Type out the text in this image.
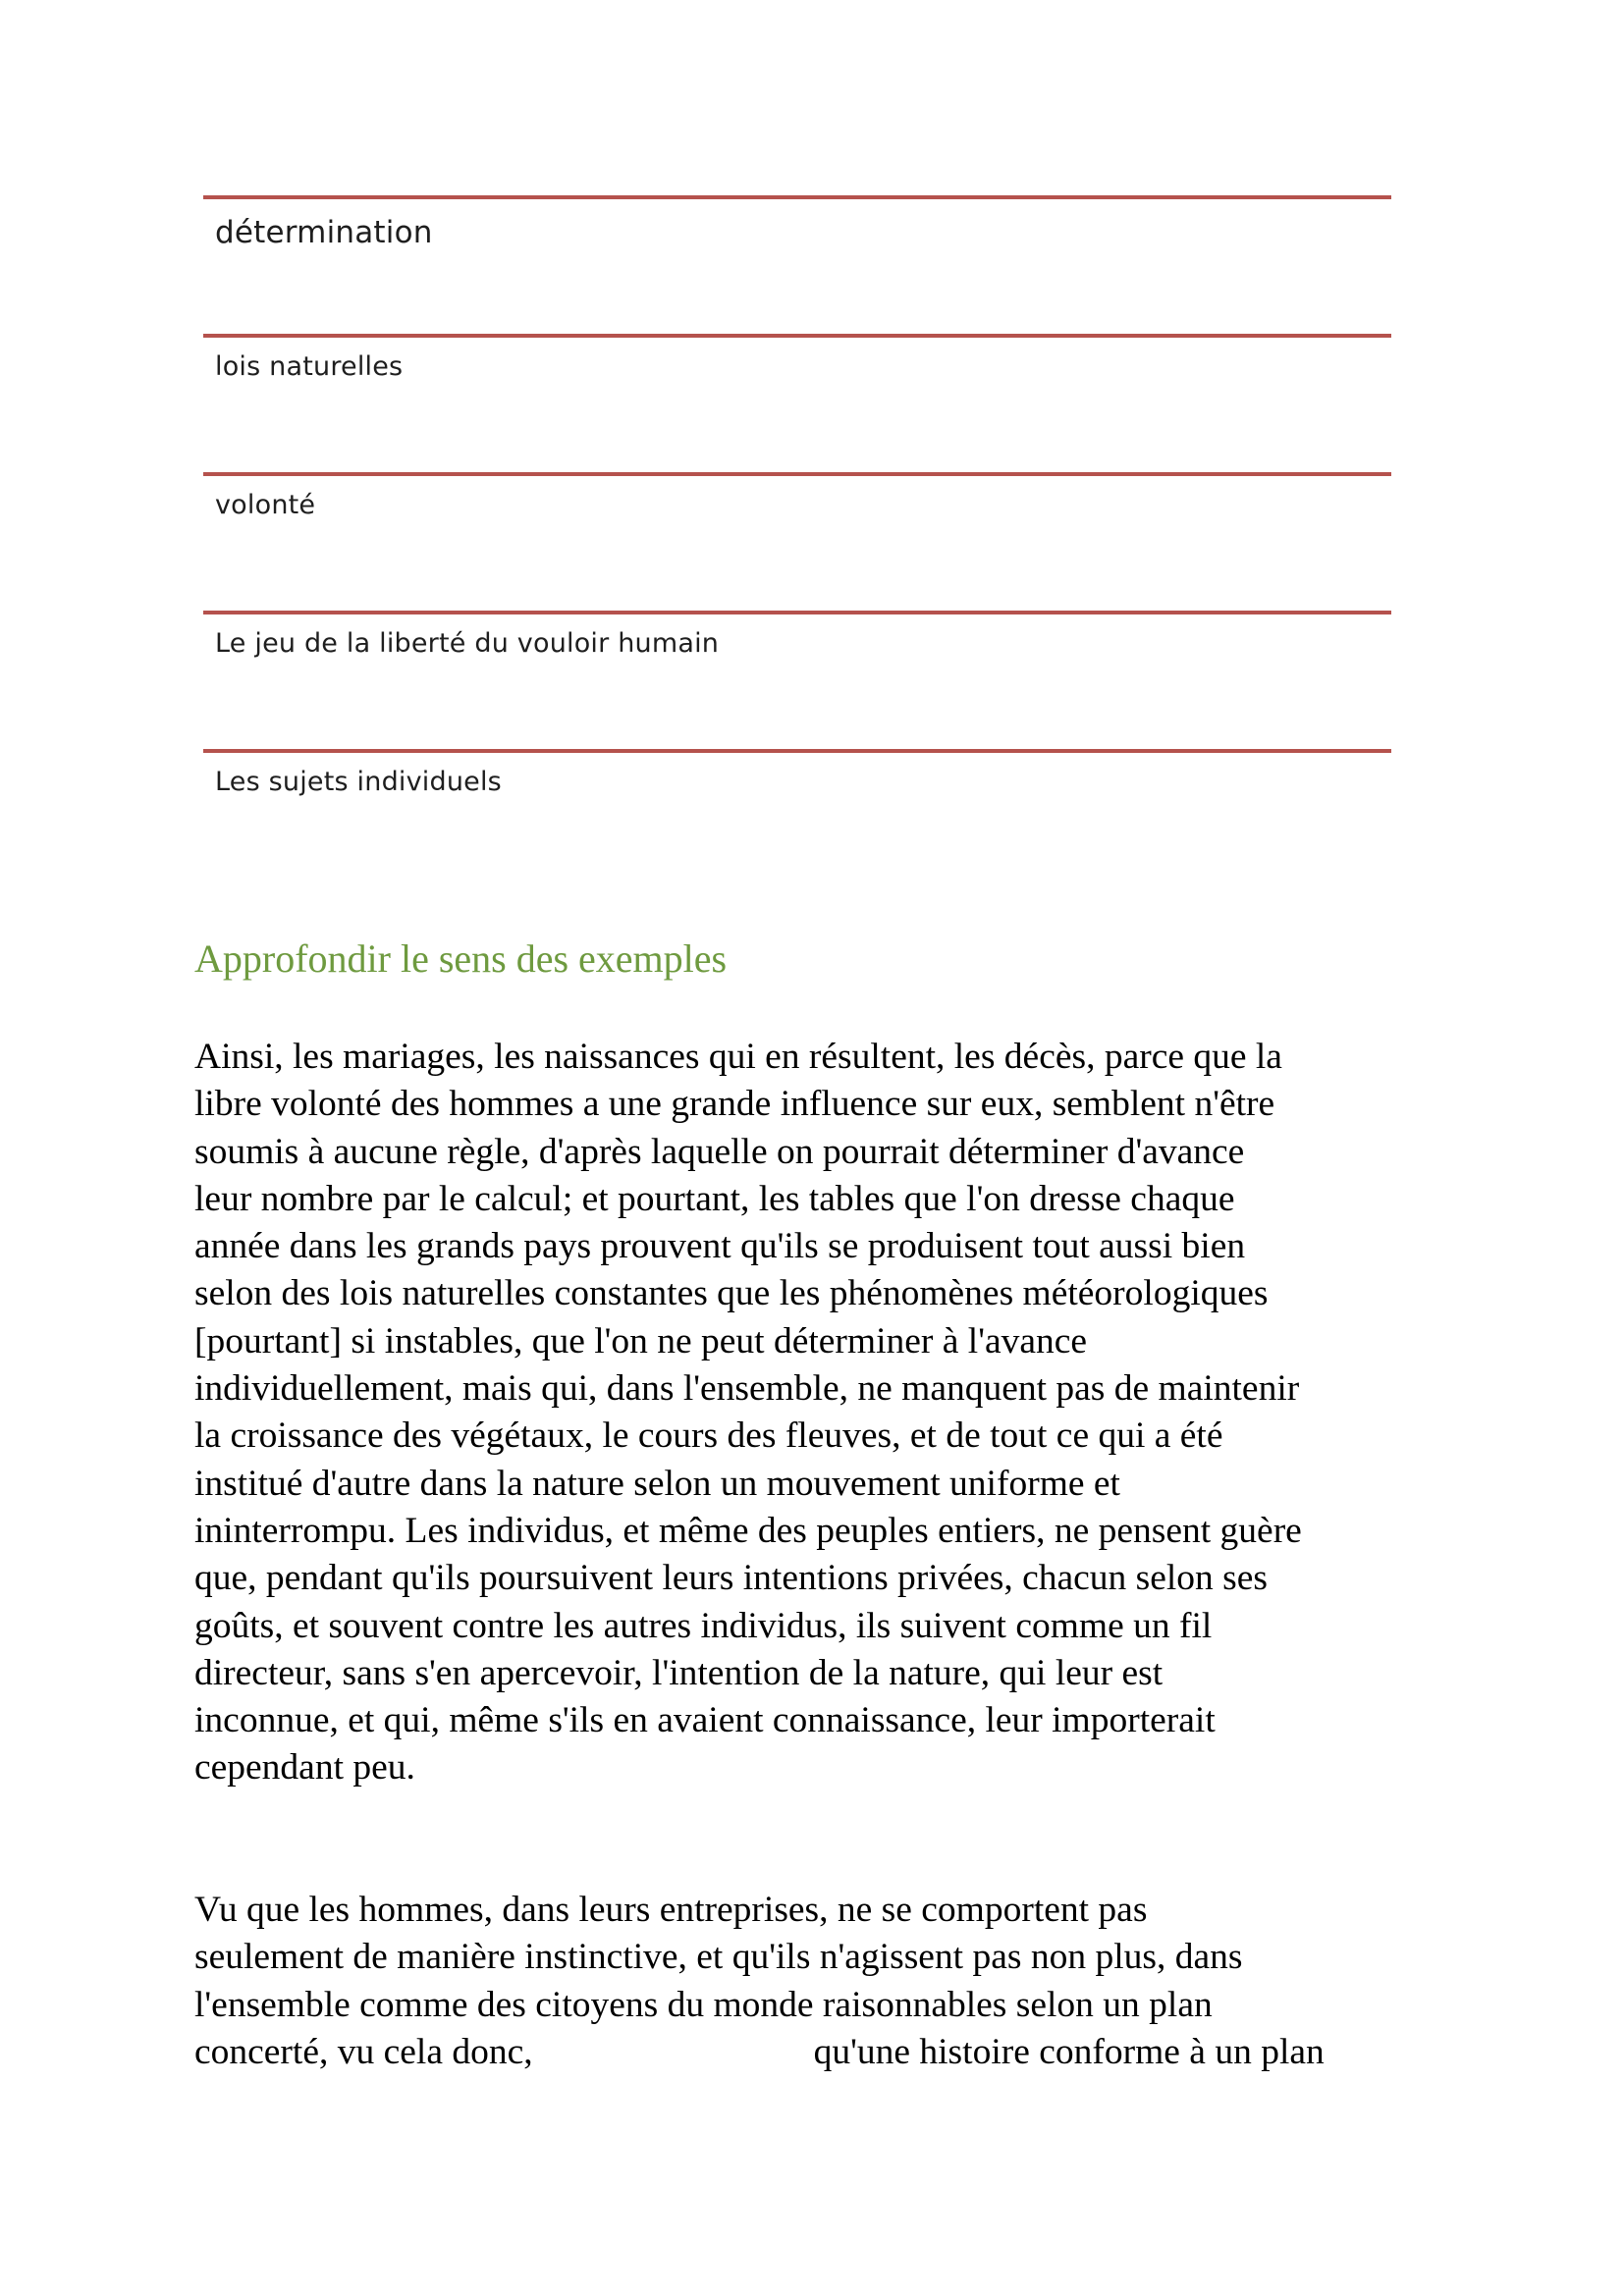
détermination
lois naturelles
volonté
Le jeu de la liberté du vouloir humain
Les sujets individuels
Approfondir le sens des exemples

Ainsi, les mariages, les naissances qui en résultent, les décès, parce que la
libre volonté des hommes a une grande influence sur eux, semblent n'être
soumis à aucune règle, d'après laquelle on pourrait déterminer d'avance
leur nombre par le calcul; et pourtant, les tables que l'on dresse chaque
année dans les grands pays prouvent qu'ils se produisent tout aussi bien
selon des lois naturelles constantes que les phénomènes météorologiques
[pourtant] si instables, que l'on ne peut déterminer à l'avance
individuellement, mais qui, dans l'ensemble, ne manquent pas de maintenir
la croissance des végétaux, le cours des fleuves, et de tout ce qui a été
institué d'autre dans la nature selon un mouvement uniforme et
ininterrompu. Les individus, et même des peuples entiers, ne pensent guère
que, pendant qu'ils poursuivent leurs intentions privées, chacun selon ses
goûts, et souvent contre les autres individus, ils suivent comme un fil
directeur, sans s'en apercevoir, l'intention de la nature, qui leur est
inconnue, et qui, même s'ils en avaient connaissance, leur importerait
cependant peu.

Vu que les hommes, dans leurs entreprises, ne se comportent pas
seulement de manière instinctive, et qu'ils n'agissent pas non plus, dans
l'ensemble comme des citoyens du monde raisonnables selon un plan
concerté, vu cela donc,	qu'une histoire conforme à un plan
